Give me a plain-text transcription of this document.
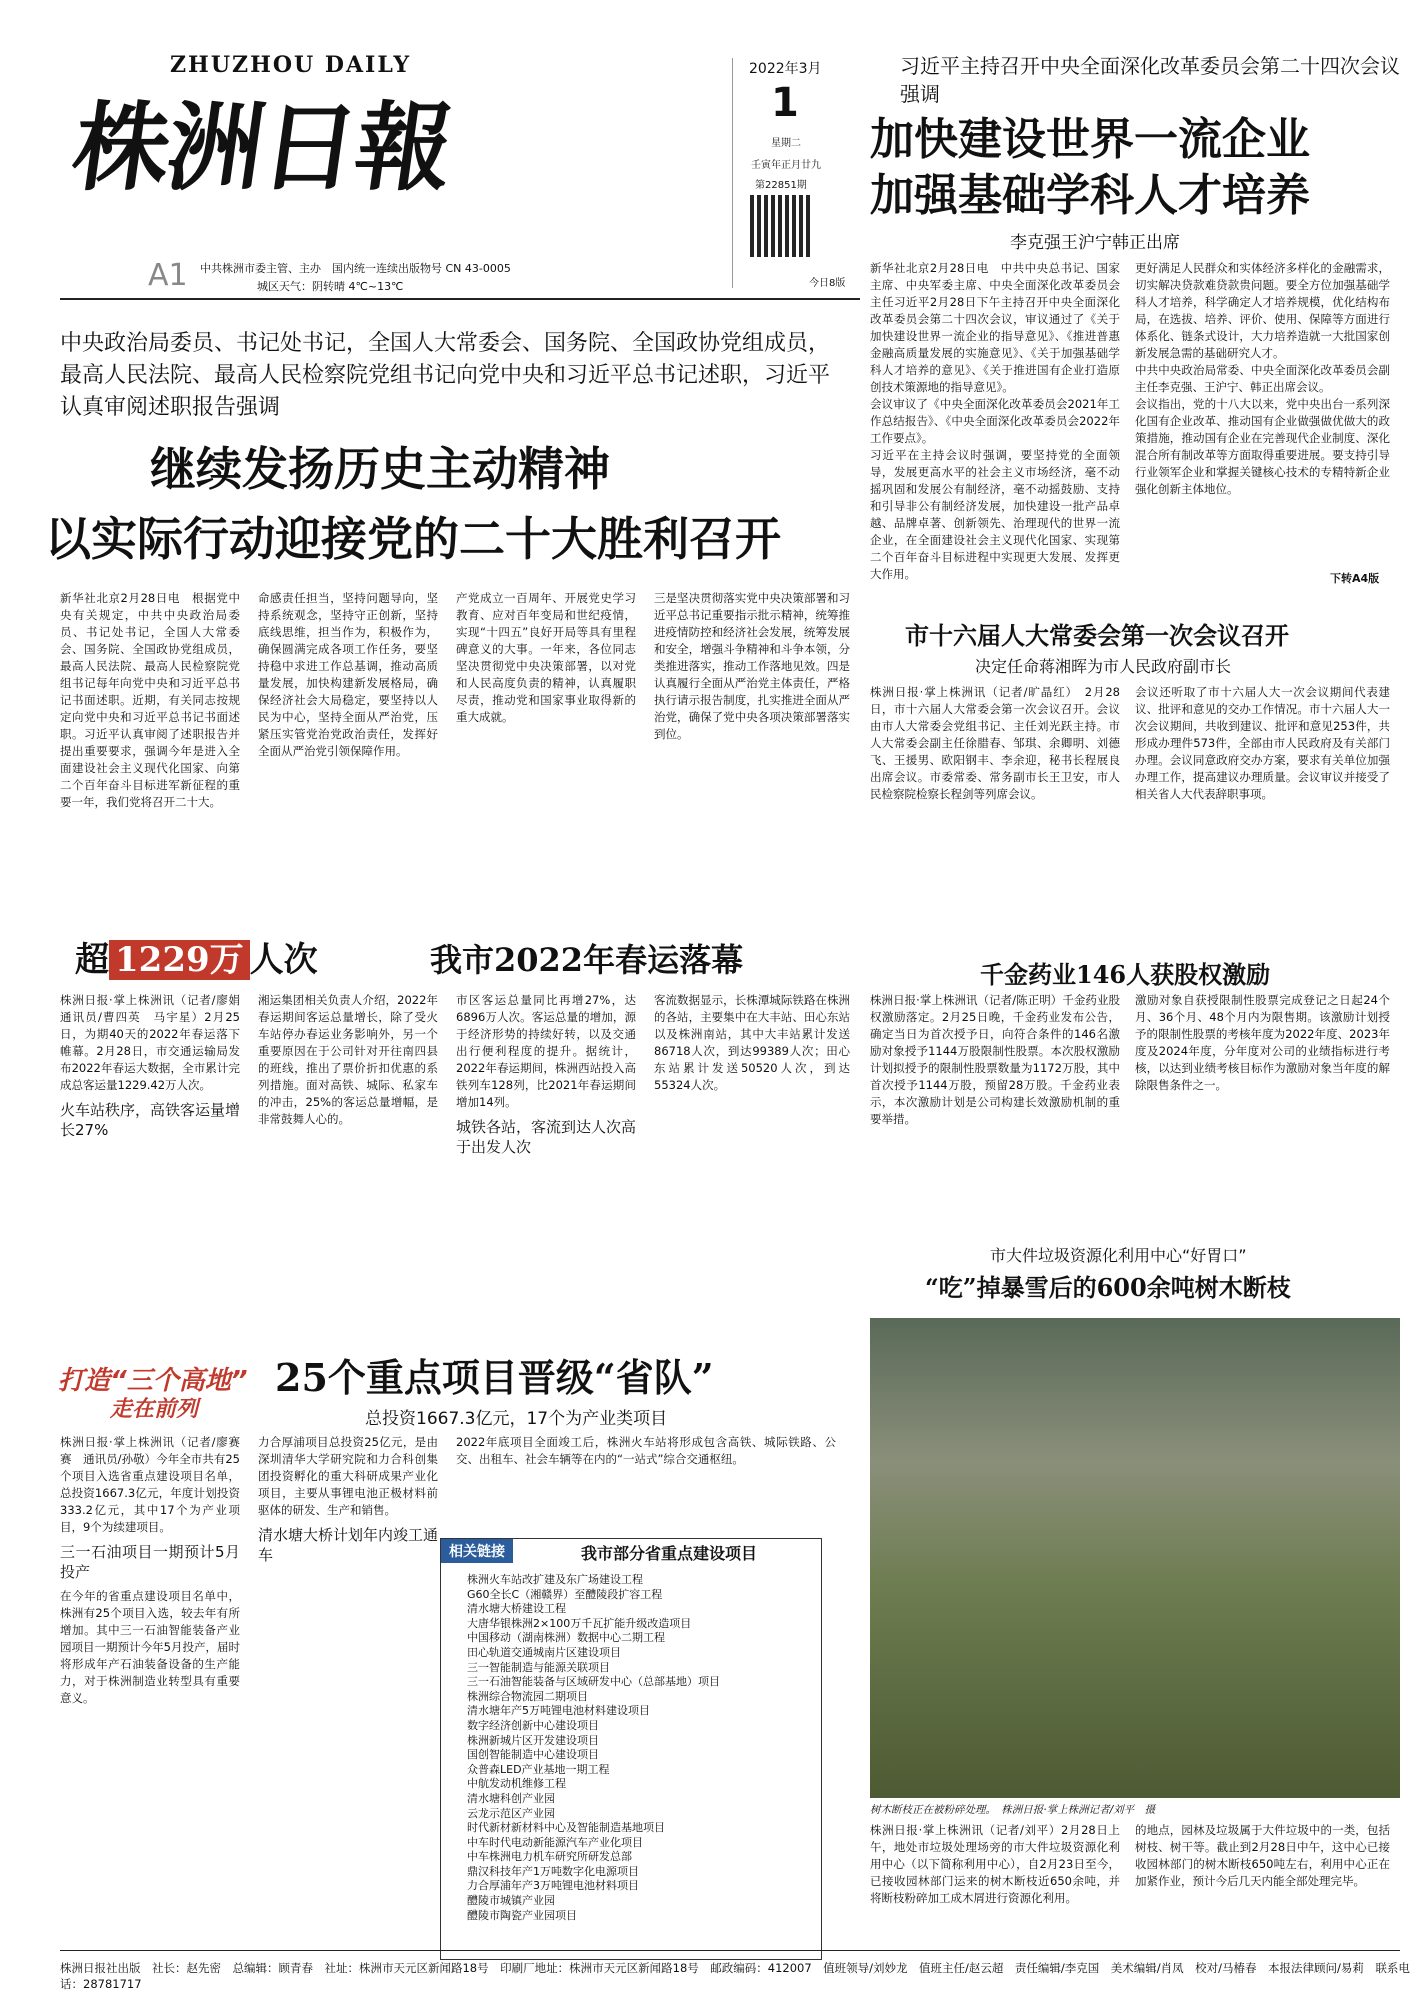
ZHUZHOU DAILY
株洲日報
A1 中共株洲市委主管、主办　国内统一连续出版物号 CN 43-0005
城区天气：阴转晴 4℃~13℃
2022年3月
1
星期二
壬寅年正月廿九
第22851期
今日8版
习近平主持召开中央全面深化改革委员会第二十四次会议强调
加快建设世界一流企业
加强基础学科人才培养
李克强王沪宁韩正出席

新华社北京2月28日电　中共中央总书记、国家主席、中央军委主席、中央全面深化改革委员会主任习近平2月28日下午主持召开中央全面深化改革委员会第二十四次会议，审议通过了《关于加快建设世界一流企业的指导意见》、《推进普惠金融高质量发展的实施意见》、《关于加强基础学科人才培养的意见》、《关于推进国有企业打造原创技术策源地的指导意见》。

会议审议了《中央全面深化改革委员会2021年工作总结报告》、《中央全面深化改革委员会2022年工作要点》。

习近平在主持会议时强调，要坚持党的全面领导，发展更高水平的社会主义市场经济，毫不动摇巩固和发展公有制经济，毫不动摇鼓励、支持和引导非公有制经济发展，加快建设一批产品卓越、品牌卓著、创新领先、治理现代的世界一流企业，在全面建设社会主义现代化国家、实现第二个百年奋斗目标进程中实现更大发展、发挥更大作用。

更好满足人民群众和实体经济多样化的金融需求，切实解决贷款难贷款贵问题。要全方位加强基础学科人才培养，科学确定人才培养规模，优化结构布局，在选拔、培养、评价、使用、保障等方面进行体系化、链条式设计，大力培养造就一大批国家创新发展急需的基础研究人才。

中共中央政治局常委、中央全面深化改革委员会副主任李克强、王沪宁、韩正出席会议。

会议指出，党的十八大以来，党中央出台一系列深化国有企业改革、推动国有企业做强做优做大的政策措施，推动国有企业在完善现代企业制度、深化混合所有制改革等方面取得重要进展。要支持引导行业领军企业和掌握关键核心技术的专精特新企业强化创新主体地位。

下转A4版
中央政治局委员、书记处书记，全国人大常委会、国务院、全国政协党组成员，最高人民法院、最高人民检察院党组书记向党中央和习近平总书记述职，习近平认真审阅述职报告强调
继续发扬历史主动精神
以实际行动迎接党的二十大胜利召开

新华社北京2月28日电　根据党中央有关规定，中共中央政治局委员、书记处书记，全国人大常委会、国务院、全国政协党组成员，最高人民法院、最高人民检察院党组书记每年向党中央和习近平总书记书面述职。近期，有关同志按规定向党中央和习近平总书记书面述职。习近平认真审阅了述职报告并提出重要要求，强调今年是进入全面建设社会主义现代化国家、向第二个百年奋斗目标进军新征程的重要一年，我们党将召开二十大。

命感责任担当，坚持问题导向，坚持系统观念，坚持守正创新，坚持底线思维，担当作为，积极作为，确保圆满完成各项工作任务，要坚持稳中求进工作总基调，推动高质量发展，加快构建新发展格局，确保经济社会大局稳定，要坚持以人民为中心，坚持全面从严治党，压紧压实管党治党政治责任，发挥好全面从严治党引领保障作用。

产党成立一百周年、开展党史学习教育、应对百年变局和世纪疫情，实现“十四五”良好开局等具有里程碑意义的大事。一年来，各位同志坚决贯彻党中央决策部署，以对党和人民高度负责的精神，认真履职尽责，推动党和国家事业取得新的重大成就。

三是坚决贯彻落实党中央决策部署和习近平总书记重要指示批示精神，统筹推进疫情防控和经济社会发展，统筹发展和安全，增强斗争精神和斗争本领，分类推进落实，推动工作落地见效。四是认真履行全面从严治党主体责任，严格执行请示报告制度，扎实推进全面从严治党，确保了党中央各项决策部署落实到位。

市十六届人大常委会第一次会议召开
决定任命蒋湘晖为市人民政府副市长

株洲日报·掌上株洲讯（记者/旷晶红）　2月28日，市十六届人大常委会第一次会议召开。会议由市人大常委会党组书记、主任刘光跃主持。市人大常委会副主任徐腊春、邹琪、余卿明、刘德飞、王援男、欧阳钢丰、李余迎，秘书长程展良出席会议。市委常委、常务副市长王卫安，市人民检察院检察长程剑等列席会议。

会议还听取了市十六届人大一次会议期间代表建议、批评和意见的交办工作情况。市十六届人大一次会议期间，共收到建议、批评和意见253件，共形成办理件573件，全部由市人民政府及有关部门办理。会议同意政府交办方案，要求有关单位加强办理工作，提高建议办理质量。会议审议并接受了相关省人大代表辞职事项。

超 1229万 人次	我市2022年春运落幕

株洲日报·掌上株洲讯（记者/廖娟　通讯员/曹四英　马宇星）2月25日，为期40天的2022年春运落下帷幕。2月28日，市交通运输局发布2022年春运大数据，全市累计完成总客运量1229.42万人次。

火车站秩序，高铁客运量增长27%

湘运集团相关负责人介绍，2022年春运期间客运总量增长，除了受火车站停办春运业务影响外，另一个重要原因在于公司针对开往南四县的班线，推出了票价折扣优惠的系列措施。面对高铁、城际、私家车的冲击，25%的客运总量增幅，是非常鼓舞人心的。

市区客运总量同比再增27%，达6896万人次。客运总量的增加，源于经济形势的持续好转，以及交通出行便利程度的提升。据统计，2022年春运期间，株洲西站投入高铁列车128列，比2021年春运期间增加14列。

城铁各站，客流到达人次高于出发人次

客流数据显示，长株潭城际铁路在株洲的各站，主要集中在大丰站、田心东站以及株洲南站，其中大丰站累计发送86718人次，到达99389人次；田心东站累计发送50520人次，到达55324人次。

千金药业146人获股权激励

株洲日报·掌上株洲讯（记者/陈正明）千金药业股权激励落定。2月25日晚，千金药业发布公告，确定当日为首次授予日，向符合条件的146名激励对象授予1144万股限制性股票。本次股权激励计划拟授予的限制性股票数量为1172万股，其中首次授予1144万股，预留28万股。千金药业表示，本次激励计划是公司构建长效激励机制的重要举措。

激励对象自获授限制性股票完成登记之日起24个月、36个月、48个月内为限售期。该激励计划授予的限制性股票的考核年度为2022年度、2023年度及2024年度，分年度对公司的业绩指标进行考核，以达到业绩考核目标作为激励对象当年度的解除限售条件之一。

市大件垃圾资源化利用中心“好胃口”
“吃”掉暴雪后的600余吨树木断枝
树木断枝正在被粉碎处理。　株洲日报·掌上株洲记者/刘平　摄

株洲日报·掌上株洲讯（记者/刘平）2月28日上午，地处市垃圾处理场旁的市大件垃圾资源化利用中心（以下简称利用中心），自2月23日至今，已接收园林部门运来的树木断枝近650余吨，并将断枝粉碎加工成木屑进行资源化利用。

的地点，园林及垃圾属于大件垃圾中的一类，包括树枝、树干等。截止到2月28日中午，这中心已接收园林部门的树木断枝650吨左右，利用中心正在加紧作业，预计今后几天内能全部处理完毕。

打造“三个高地”
走在前列
25个重点项目晋级“省队”
总投资1667.3亿元，17个为产业类项目

株洲日报·掌上株洲讯（记者/廖赛赛　通讯员/孙敬）今年全市共有25个项目入选省重点建设项目名单，总投资1667.3亿元，年度计划投资333.2亿元，其中17个为产业项目，9个为续建项目。

三一石油项目一期预计5月投产

在今年的省重点建设项目名单中，株洲有25个项目入选，较去年有所增加。其中三一石油智能装备产业园项目一期预计今年5月投产，届时将形成年产石油装备设备的生产能力，对于株洲制造业转型具有重要意义。

力合厚浦项目总投资25亿元，是由深圳清华大学研究院和力合科创集团投资孵化的重大科研成果产业化项目，主要从事锂电池正极材料前驱体的研发、生产和销售。

清水塘大桥计划年内竣工通车

2022年底项目全面竣工后，株洲火车站将形成包含高铁、城际铁路、公交、出租车、社会车辆等在内的“一站式”综合交通枢纽。

相关链接	我市部分省重点建设项目
株洲火车站改扩建及东广场建设工程
G60全长C（湘赣界）至醴陵段扩容工程
清水塘大桥建设工程
大唐华银株洲2×100万千瓦扩能升级改造项目
中国移动（湖南株洲）数据中心二期工程
田心轨道交通城南片区建设项目
三一智能制造与能源关联项目
三一石油智能装备与区域研发中心（总部基地）项目
株洲综合物流园二期项目
清水塘年产5万吨锂电池材料建设项目
数字经济创新中心建设项目
株洲新城片区开发建设项目
国创智能制造中心建设项目
众普森LED产业基地一期工程
中航发动机维修工程
清水塘科创产业园
云龙示范区产业园
时代新材新材料中心及智能制造基地项目
中车时代电动新能源汽车产业化项目
中车株洲电力机车研究所研发总部
鼎汉科技年产1万吨数字化电源项目
力合厚浦年产3万吨锂电池材料项目
醴陵市城镇产业园
醴陵市陶瓷产业园项目
株洲日报社出版　社长：赵先密　总编辑：顾青春　社址：株洲市天元区新闻路18号　印刷厂地址：株洲市天元区新闻路18号　邮政编码：412007　值班领导/刘妙龙　值班主任/赵云超　责任编辑/李克国　美术编辑/肖凤　校对/马椿春　本报法律顾问/易莉　联系电话：28781717
